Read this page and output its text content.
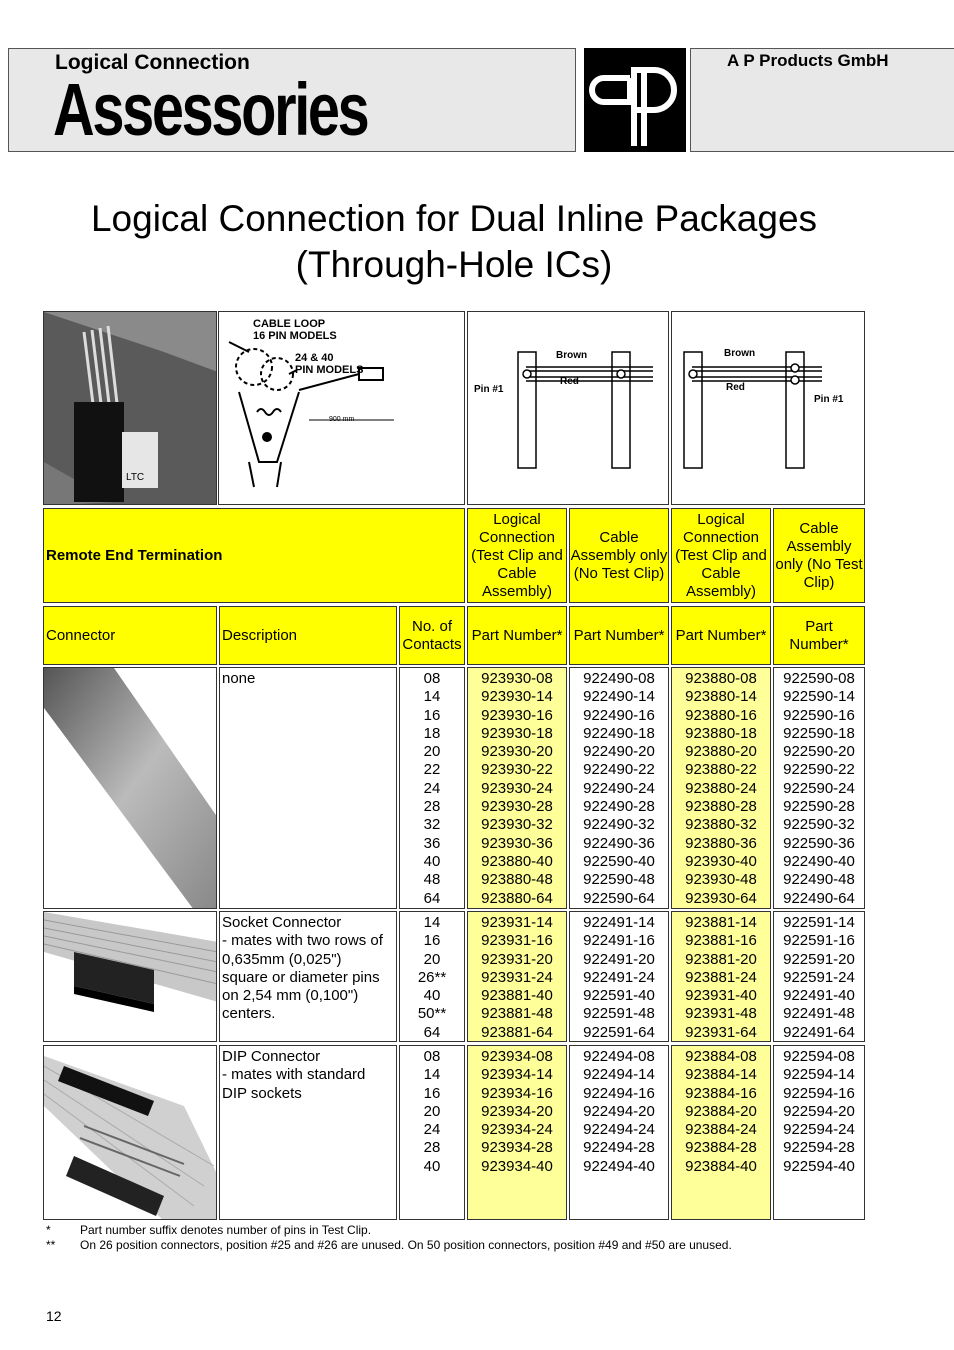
Logical Connection
Assessories
A P Products GmbH
Logical Connection for Dual Inline Packages
(Through-Hole ICs)
LTC
CABLE LOOP
16 PIN MODELS
24 & 40
PIN MODELS
900 mm
Brown
Red
Pin #1
Brown
Red
Pin #1
Remote End Termination
Logical Connection (Test Clip and Cable Assembly)
Cable Assembly only (No Test Clip)
Logical Connection (Test Clip and Cable Assembly)
Cable Assembly only (No Test Clip)
Connector	Description
No. of Contacts
Part Number* Part Number* Part Number*
Part Number*
none	08
14
16
18
20
22
24
28
32
36
40
48
64
923930-08
923930-14
923930-16
923930-18
923930-20
923930-22
923930-24
923930-28
923930-32
923930-36
923880-40
923880-48
923880-64
922490-08
922490-14
922490-16
922490-18
922490-20
922490-22
922490-24
922490-28
922490-32
922490-36
922590-40
922590-48
922590-64
923880-08
923880-14
923880-16
923880-18
923880-20
923880-22
923880-24
923880-28
923880-32
923880-36
923930-40
923930-48
923930-64
922590-08
922590-14
922590-16
922590-18
922590-20
922590-22
922590-24
922590-28
922590-32
922590-36
922490-40
922490-48
922490-64
Socket Connector
- mates with two rows of
0,635mm (0,025")
square or diameter pins
on 2,54 mm (0,100")
centers.
14
16
20
26**
40
50**
64
923931-14
923931-16
923931-20
923931-24
923881-40
923881-48
923881-64
922491-14
922491-16
922491-20
922491-24
922591-40
922591-48
922591-64
923881-14
923881-16
923881-20
923881-24
923931-40
923931-48
923931-64
922591-14
922591-16
922591-20
922591-24
922491-40
922491-48
922491-64
DIP Connector
- mates with standard
DIP sockets
08
14
16
20
24
28
40
923934-08
923934-14
923934-16
923934-20
923934-24
923934-28
923934-40
922494-08
922494-14
922494-16
922494-20
922494-24
922494-28
922494-40
923884-08
923884-14
923884-16
923884-20
923884-24
923884-28
923884-40
922594-08
922594-14
922594-16
922594-20
922594-24
922594-28
922594-40
* Part number suffix denotes number of pins in Test Clip.
** On 26 position connectors, position #25 and #26 are unused. On 50 position connectors, position #49 and #50 are unused.
12
